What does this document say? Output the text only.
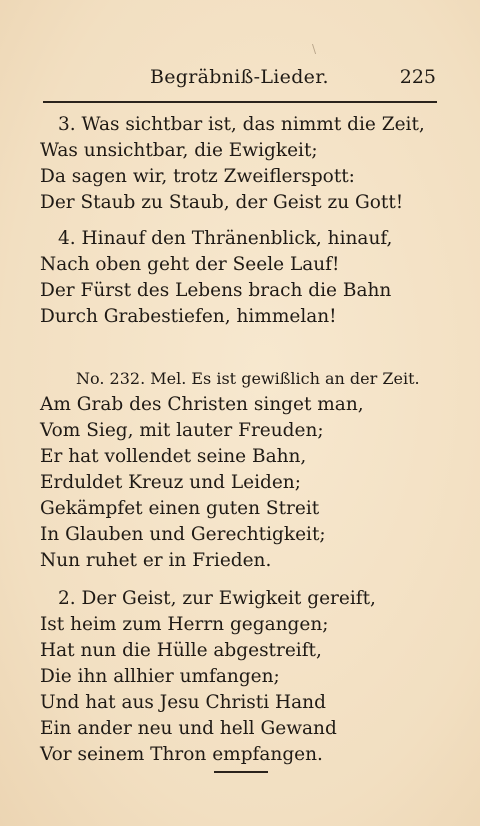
\
Begräbniß-Lieder.	225
3. Was sichtbar ist, das nimmt die Zeit,
Was unsichtbar, die Ewigkeit;
Da sagen wir, trotz Zweiflerspott:
Der Staub zu Staub, der Geist zu Gott!
4. Hinauf den Thränenblick, hinauf,
Nach oben geht der Seele Lauf!
Der Fürst des Lebens brach die Bahn
Durch Grabestiefen, himmelan!
No. 232. Mel. Es ist gewißlich an der Zeit.
Am Grab des Christen singet man,
Vom Sieg, mit lauter Freuden;
Er hat vollendet seine Bahn,
Erduldet Kreuz und Leiden;
Gekämpfet einen guten Streit
In Glauben und Gerechtigkeit;
Nun ruhet er in Frieden.
2. Der Geist, zur Ewigkeit gereift,
Ist heim zum Herrn gegangen;
Hat nun die Hülle abgestreift,
Die ihn allhier umfangen;
Und hat aus Jesu Christi Hand
Ein ander neu und hell Gewand
Vor seinem Thron empfangen.
